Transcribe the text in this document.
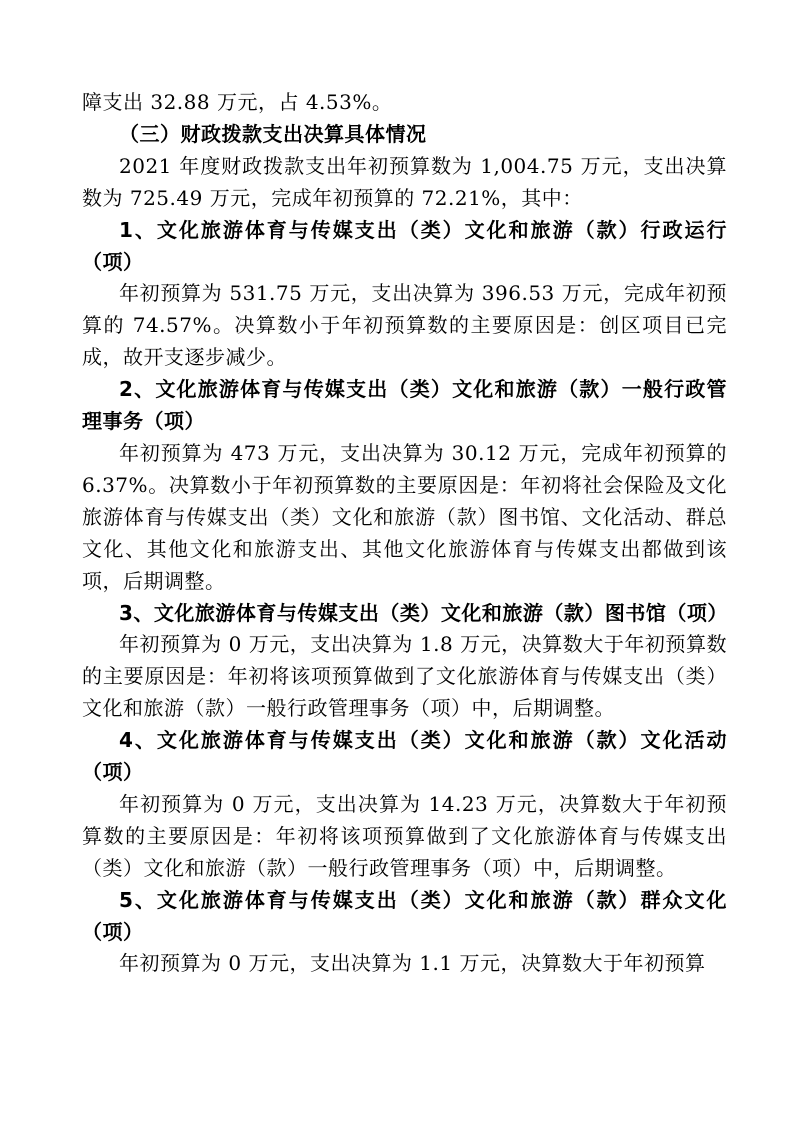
障支出 32.88 万元，占 4.53%。

（三）财政拨款支出决算具体情况

2021 年度财政拨款支出年初预算数为 1,004.75 万元，支出决算数为 725.49 万元，完成年初预算的 72.21%，其中：

1、文化旅游体育与传媒支出（类）文化和旅游（款）行政运行（项）

年初预算为 531.75 万元，支出决算为 396.53 万元，完成年初预算的 74.57%。决算数小于年初预算数的主要原因是：创区项目已完成，故开支逐步减少。

2、文化旅游体育与传媒支出（类）文化和旅游（款）一般行政管理事务（项）

年初预算为 473 万元，支出决算为 30.12 万元，完成年初预算的 6.37%。决算数小于年初预算数的主要原因是：年初将社会保险及文化旅游体育与传媒支出（类）文化和旅游（款）图书馆、文化活动、群总文化、其他文化和旅游支出、其他文化旅游体育与传媒支出都做到该项，后期调整。

3、文化旅游体育与传媒支出（类）文化和旅游（款）图书馆（项）

年初预算为 0 万元，支出决算为 1.8 万元，决算数大于年初预算数的主要原因是：年初将该项预算做到了文化旅游体育与传媒支出（类）文化和旅游（款）一般行政管理事务（项）中，后期调整。

4、文化旅游体育与传媒支出（类）文化和旅游（款）文化活动（项）

年初预算为 0 万元，支出决算为 14.23 万元，决算数大于年初预算数的主要原因是：年初将该项预算做到了文化旅游体育与传媒支出（类）文化和旅游（款）一般行政管理事务（项）中，后期调整。

5、文化旅游体育与传媒支出（类）文化和旅游（款）群众文化（项）

年初预算为 0 万元，支出决算为 1.1 万元，决算数大于年初预算
